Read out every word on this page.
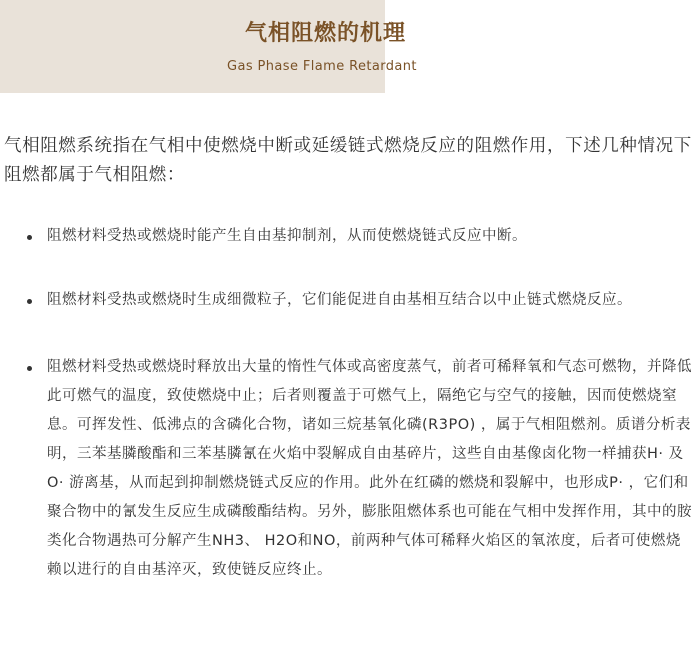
气相阻燃的机理
Gas Phase Flame Retardant

气相阻燃系统指在气相中使燃烧中断或延缓链式燃烧反应的阻燃作用，下述几种情况下阻燃都属于气相阻燃：

阻燃材料受热或燃烧时能产生自由基抑制剂，从而使燃烧链式反应中断。
阻燃材料受热或燃烧时生成细微粒子，它们能促进自由基相互结合以中止链式燃烧反应。
阻燃材料受热或燃烧时释放出大量的惰性气体或高密度蒸气，前者可稀释氧和气态可燃物，并降低此可燃气的温度，致使燃烧中止；后者则覆盖于可燃气上，隔绝它与空气的接触，因而使燃烧窒息。可挥发性、低沸点的含磷化合物，诸如三烷基氧化磷(R3PO) ，属于气相阻燃剂。质谱分析表明，三苯基膦酸酯和三苯基膦氰在火焰中裂解成自由基碎片，这些自由基像卤化物一样捕获H· 及O· 游离基，从而起到抑制燃烧链式反应的作用。此外在红磷的燃烧和裂解中，也形成P· ，它们和聚合物中的氰发生反应生成磷酸酯结构。另外，膨胀阻燃体系也可能在气相中发挥作用，其中的胺类化合物遇热可分解产生NH3、 H2O和NO，前两种气体可稀释火焰区的氧浓度，后者可使燃烧赖以进行的自由基淬灭，致使链反应终止。
